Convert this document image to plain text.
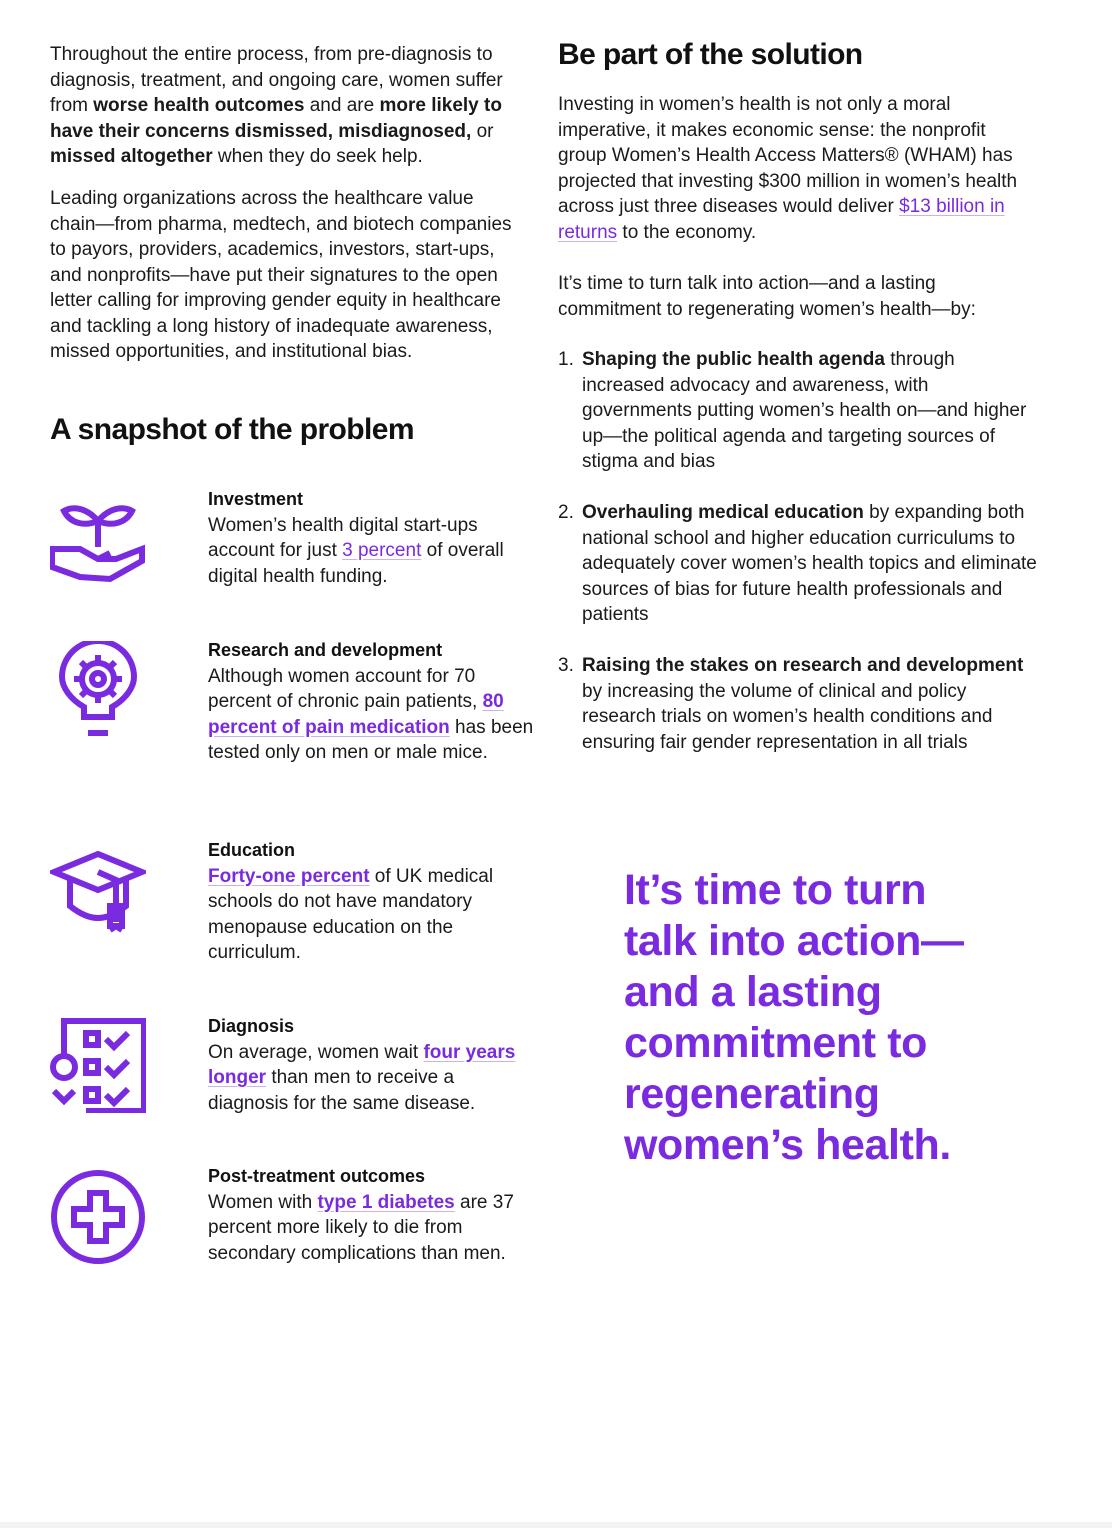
Throughout the entire process, from pre-diagnosis to diagnosis, treatment, and ongoing care, women suffer from worse health outcomes and are more likely to have their concerns dismissed, misdiagnosed, or missed altogether when they do seek help.

Leading organizations across the healthcare value chain—from pharma, medtech, and biotech companies to payors, providers, academics, investors, start-ups, and nonprofits—have put their signatures to the open letter calling for improving gender equity in healthcare and tackling a long history of inadequate awareness, missed opportunities, and institutional bias.

A snapshot of the problem
Investment

Women’s health digital start-ups account for just 3 percent of overall digital health funding.

Research and development

Although women account for 70 percent of chronic pain patients, 80 percent of pain medication has been tested only on men or male mice.

Education

Forty-one percent of UK medical schools do not have mandatory menopause education on the curriculum.

Diagnosis

On average, women wait four years longer than men to receive a diagnosis for the same disease.

Post-treatment outcomes

Women with type 1 diabetes are 37 percent more likely to die from secondary complications than men.

Be part of the solution

Investing in women’s health is not only a moral imperative, it makes economic sense: the nonprofit group Women’s Health Access Matters® (WHAM) has projected that investing $300 million in women’s health across just three diseases would deliver $13 billion in returns to the economy.

It’s time to turn talk into action—and a lasting commitment to regenerating women’s health—by:

1. Shaping the public health agenda through increased advocacy and awareness, with governments putting women’s health on—and higher up—the political agenda and targeting sources of stigma and bias
2. Overhauling medical education by expanding both national school and higher education curriculums to adequately cover women’s health topics and eliminate sources of bias for future health professionals and patients
3. Raising the stakes on research and development by increasing the volume of clinical and policy research trials on women’s health conditions and ensuring fair gender representation in all trials

It’s time to turn
talk into action—
and a lasting
commitment to
regenerating
women’s health.
